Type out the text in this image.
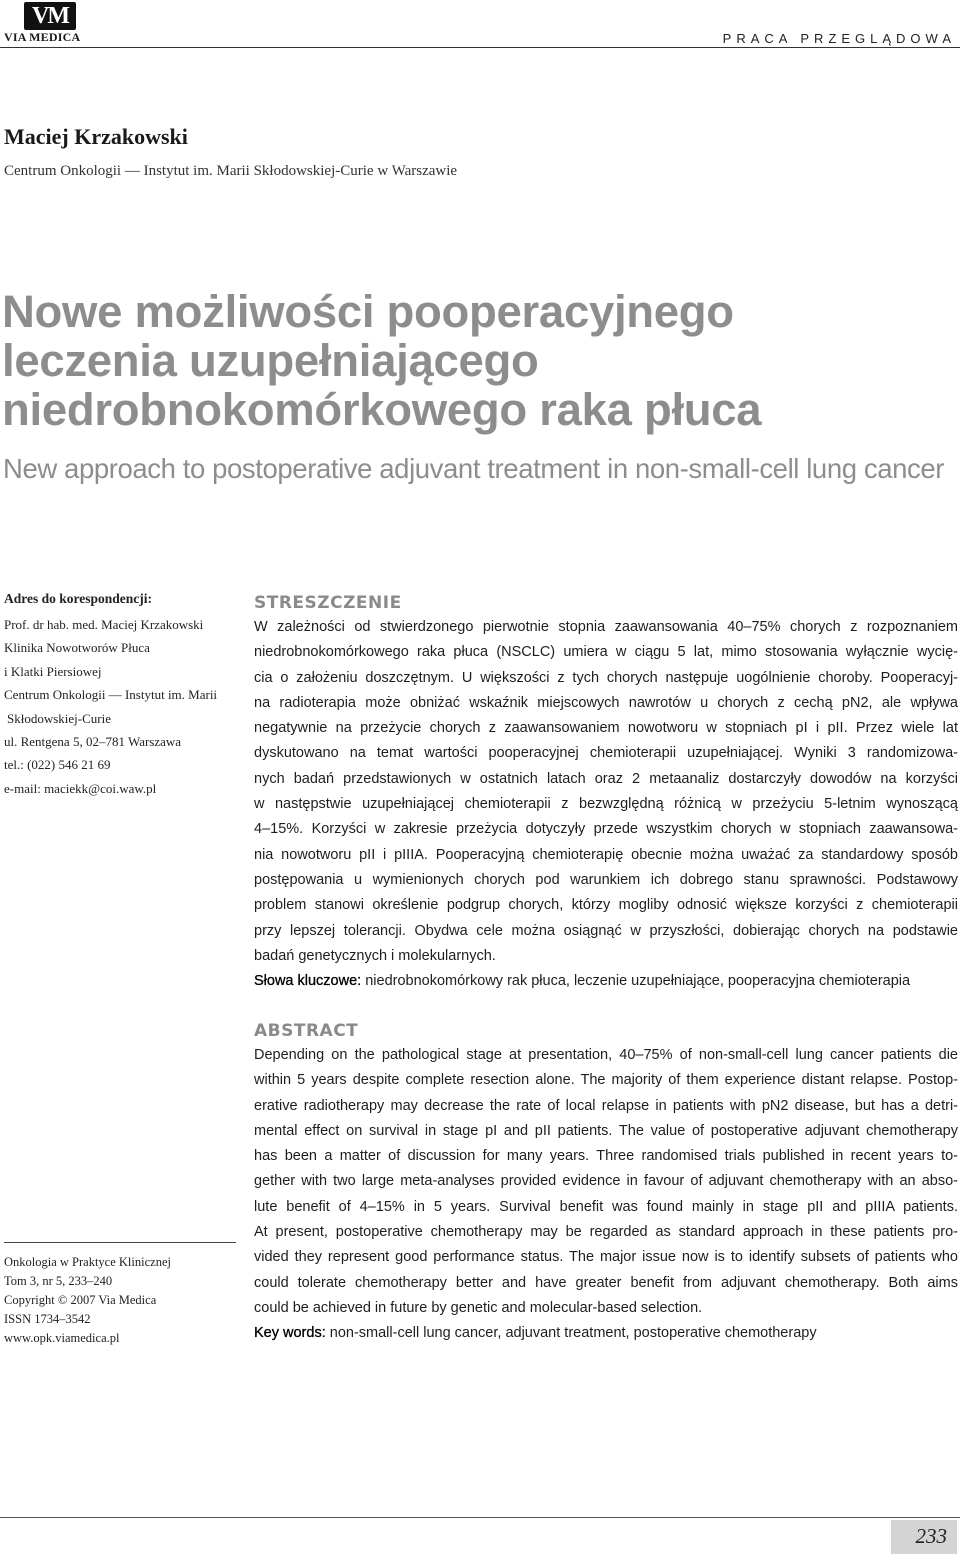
VM
VIA MEDICA	PRACA PRZEGLĄDOWA
Maciej Krzakowski
Centrum Onkologii — Instytut im. Marii Skłodowskiej-Curie w Warszawie
Nowe możliwości pooperacyjnego
leczenia uzupełniającego
niedrobnokomórkowego raka płuca
New approach to postoperative adjuvant treatment in non-small-cell lung cancer
Adres do korespondencji:
Prof. dr hab. med. Maciej Krzakowski
Klinika Nowotworów Płuca
i Klatki Piersiowej
Centrum Onkologii — Instytut im. Marii
Skłodowskiej-Curie
ul. Rentgena 5, 02–781 Warszawa
tel.: (022) 546 21 69
e-mail: maciekk@coi.waw.pl
STRESZCZENIE
W zależności od stwierdzonego pierwotnie stopnia zaawansowania 40–75% chorych z rozpoznaniem
niedrobnokomórkowego raka płuca (NSCLC) umiera w ciągu 5 lat, mimo stosowania wyłącznie wycię-
cia o założeniu doszczętnym. U większości z tych chorych następuje uogólnienie choroby. Pooperacyj-
na radioterapia może obniżać wskaźnik miejscowych nawrotów u chorych z cechą pN2, ale wpływa
negatywnie na przeżycie chorych z zaawansowaniem nowotworu w stopniach pI i pII. Przez wiele lat
dyskutowano na temat wartości pooperacyjnej chemioterapii uzupełniającej. Wyniki 3 randomizowa-
nych badań przedstawionych w ostatnich latach oraz 2 metaanaliz dostarczyły dowodów na korzyści
w następstwie uzupełniającej chemioterapii z bezwzględną różnicą w przeżyciu 5-letnim wynoszącą
4–15%. Korzyści w zakresie przeżycia dotyczyły przede wszystkim chorych w stopniach zaawansowa-
nia nowotworu pII i pIIIA. Pooperacyjną chemioterapię obecnie można uważać za standardowy sposób
postępowania u wymienionych chorych pod warunkiem ich dobrego stanu sprawności. Podstawowy
problem stanowi określenie podgrup chorych, którzy mogliby odnosić większe korzyści z chemioterapii
przy lepszej tolerancji. Obydwa cele można osiągnąć w przyszłości, dobierając chorych na podstawie
badań genetycznych i molekularnych.
Słowa kluczowe: niedrobnokomórkowy rak płuca, leczenie uzupełniające, pooperacyjna chemioterapia
ABSTRACT
Depending on the pathological stage at presentation, 40–75% of non-small-cell lung cancer patients die
within 5 years despite complete resection alone. The majority of them experience distant relapse. Postop-
erative radiotherapy may decrease the rate of local relapse in patients with pN2 disease, but has a detri-
mental effect on survival in stage pI and pII patients. The value of postoperative adjuvant chemotherapy
has been a matter of discussion for many years. Three randomised trials published in recent years to-
gether with two large meta-analyses provided evidence in favour of adjuvant chemotherapy with an abso-
lute benefit of 4–15% in 5 years. Survival benefit was found mainly in stage pII and pIIIA patients.
At present, postoperative chemotherapy may be regarded as standard approach in these patients pro-
vided they represent good performance status. The major issue now is to identify subsets of patients who
could tolerate chemotherapy better and have greater benefit from adjuvant chemotherapy. Both aims
could be achieved in future by genetic and molecular-based selection.
Key words: non-small-cell lung cancer, adjuvant treatment, postoperative chemotherapy
Onkologia w Praktyce Klinicznej
Tom 3, nr 5, 233–240
Copyright © 2007 Via Medica
ISSN 1734–3542
www.opk.viamedica.pl
233
